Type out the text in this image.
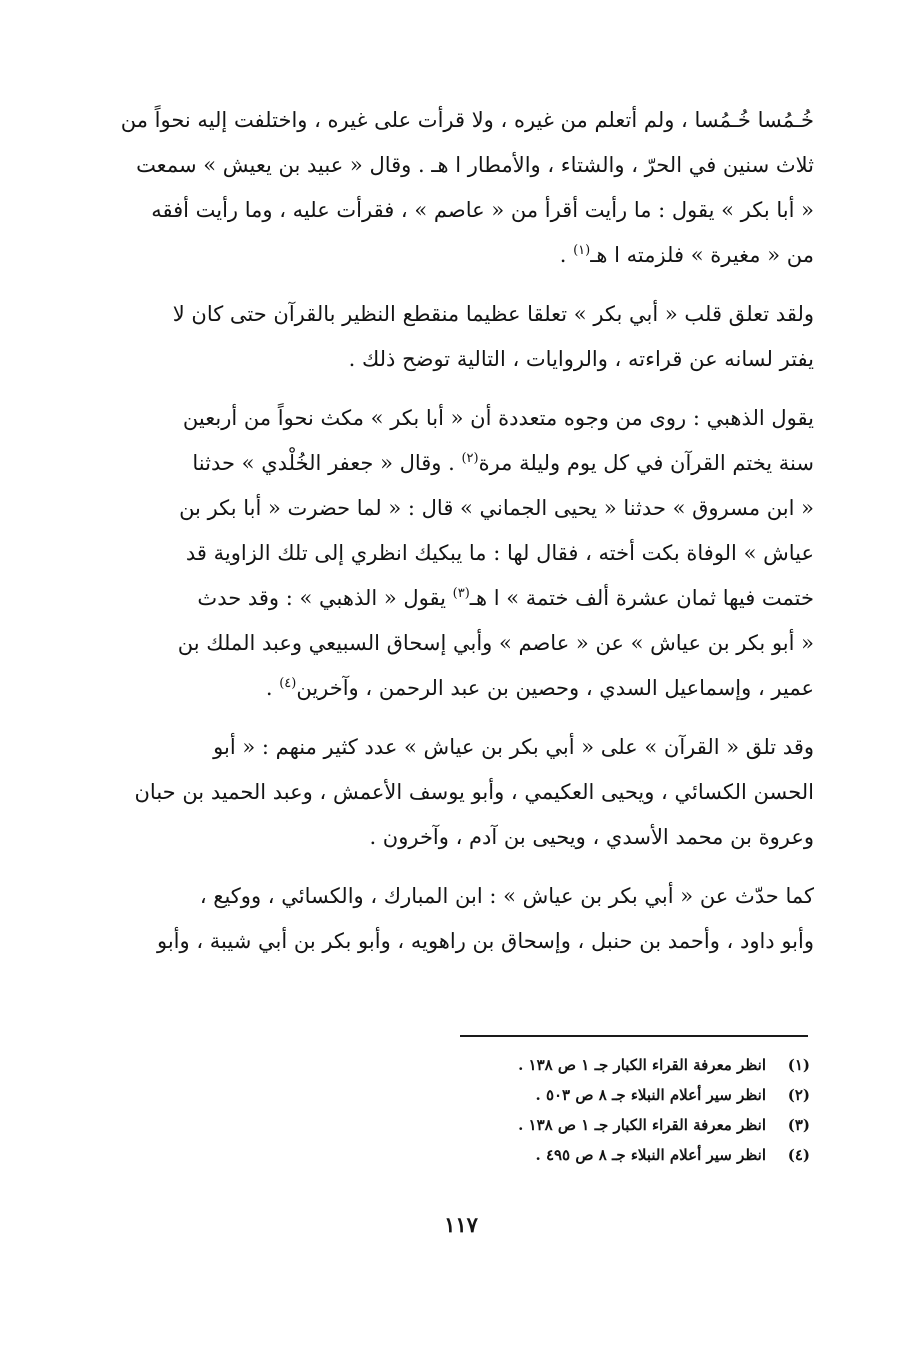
خُـمُسا خُـمُسا ، ولم أتعلم من غيره ، ولا قرأت على غيره ، واختلفت إليه نحواً من

ثلاث سنين في الحرّ ، والشتاء ، والأمطار ا هـ . وقال « عبيد بن يعيش » سمعت

« أبا بكر » يقول : ما رأيت أقرأ من « عاصم » ، فقرأت عليه ، وما رأيت أفقه

من « مغيرة » فلزمته ا هـ$^{(١)}$ .

ولقد تعلق قلب « أبي بكر » تعلقا عظيما منقطع النظير بالقرآن حتى كان لا

يفتر لسانه عن قراءته ، والروايات ، التالية توضح ذلك .

يقول الذهبي : روى من وجوه متعددة أن « أبا بكر » مكث نحواً من أربعين

سنة يختم القرآن في كل يوم وليلة مرة$^{(٢)}$ . وقال « جعفر الخُلْدي » حدثنا

« ابن مسروق » حدثنا « يحيى الجماني » قال : « لما حضرت « أبا بكر بن

عياش » الوفاة بكت أخته ، فقال لها : ما يبكيك انظري إلى تلك الزاوية قد

ختمت فيها ثمان عشرة ألف ختمة » ا هـ$^{(٣)}$ يقول « الذهبي » : وقد حدث

« أبو بكر بن عياش » عن « عاصم » وأبي إسحاق السبيعي وعبد الملك بن

عمير ، وإسماعيل السدي ، وحصين بن عبد الرحمن ، وآخرين$^{(٤)}$ .

وقد تلق « القرآن » على « أبي بكر بن عياش » عدد كثير منهم : « أبو

الحسن الكسائي ، ويحيى العكيمي ، وأبو يوسف الأعمش ، وعبد الحميد بن حبان

وعروة بن محمد الأسدي ، ويحيى بن آدم ، وآخرون .

كما حدّث عن « أبي بكر بن عياش » : ابن المبارك ، والكسائي ، ووكيع ،

وأبو داود ، وأحمد بن حنبل ، وإسحاق بن راهويه ، وأبو بكر بن أبي شيبة ، وأبو

(١)
انظر معرفة القراء الكبار جـ ١ ص ١٣٨ .
(٢)
انظر سير أعلام النبلاء جـ ٨ ص ٥٠٣ .
(٣)
انظر معرفة القراء الكبار جـ ١ ص ١٣٨ .
(٤)
انظر سير أعلام النبلاء جـ ٨ ص ٤٩٥ .
١١٧
